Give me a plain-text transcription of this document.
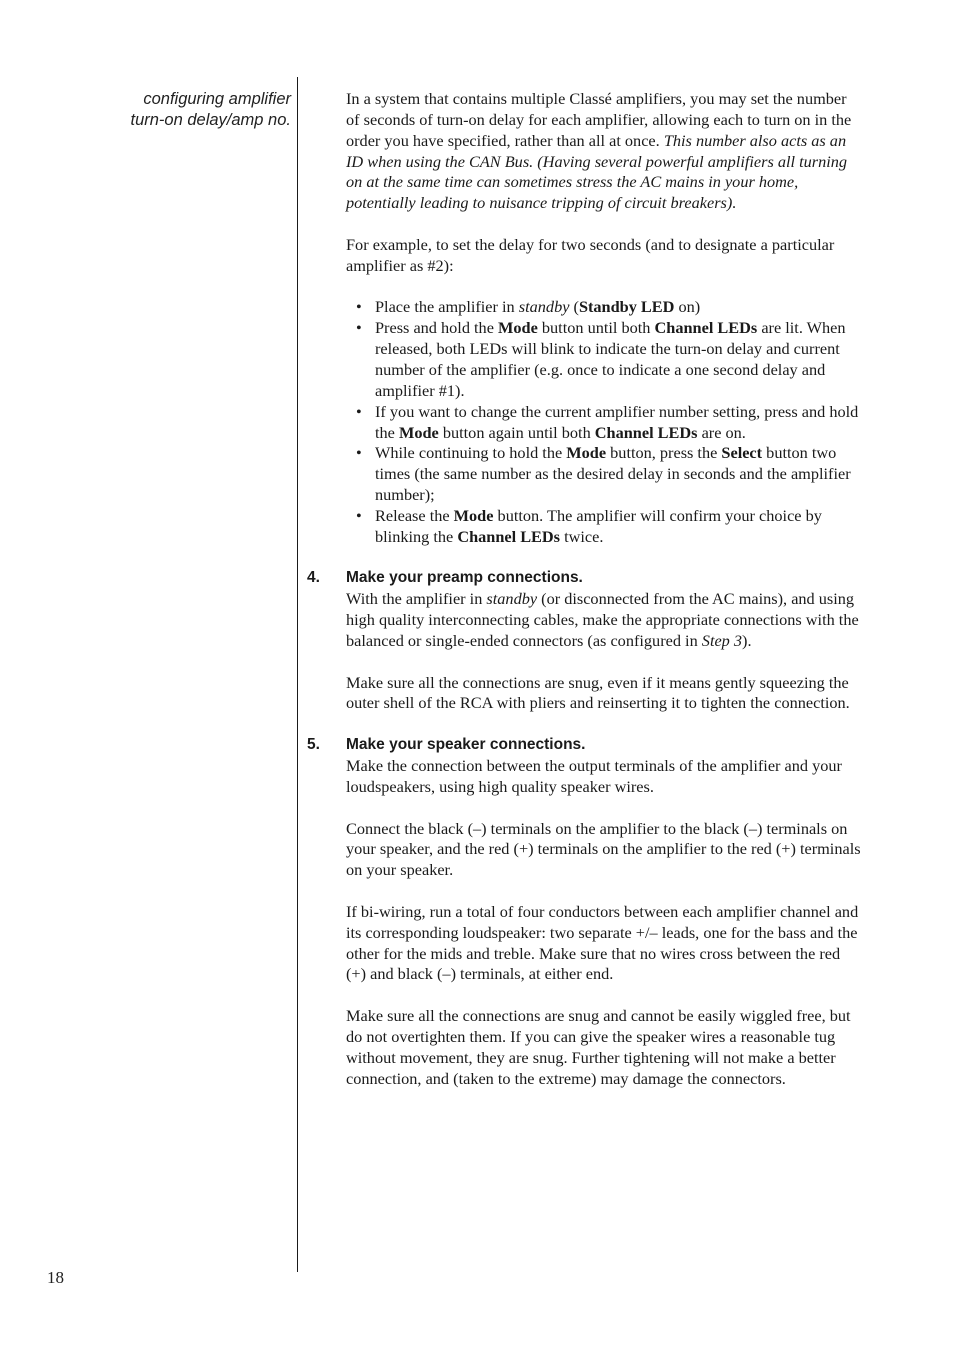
configuring amplifier
turn-on delay/amp no.

In a system that contains multiple Classé amplifiers, you may set the number of seconds of turn-on delay for each amplifier, allowing each to turn on in the order you have specified, rather than all at once. This number also acts as an ID when using the CAN Bus. (Having several powerful amplifiers all turning on at the same time can sometimes stress the AC mains in your home, potentially leading to nuisance tripping of circuit breakers).

For example, to set the delay for two seconds (and to designate a particular amplifier as #2):

• Place the amplifier in standby (Standby LED on)
• Press and hold the Mode button until both Channel LEDs are lit. When released, both LEDs will blink to indicate the turn-on delay and current number of the amplifier (e.g. once to indicate a one second delay and amplifier #1).
• If you want to change the current amplifier number setting, press and hold the Mode button again until both Channel LEDs are on.
• While continuing to hold the Mode button, press the Select button two times (the same number as the desired delay in seconds and the amplifier number);
• Release the Mode button. The amplifier will confirm your choice by blinking the Channel LEDs twice.
4. Make your preamp connections.

With the amplifier in standby (or disconnected from the AC mains), and using high quality interconnecting cables, make the appropriate connections with the balanced or single-ended connectors (as configured in Step 3).

Make sure all the connections are snug, even if it means gently squeezing the outer shell of the RCA with pliers and reinserting it to tighten the connection.

5. Make your speaker connections.

Make the connection between the output terminals of the amplifier and your loudspeakers, using high quality speaker wires.

Connect the black (–) terminals on the amplifier to the black (–) terminals on your speaker, and the red (+) terminals on the amplifier to the red (+) terminals on your speaker.

If bi-wiring, run a total of four conductors between each amplifier channel and its corresponding loudspeaker: two separate +/– leads, one for the bass and the other for the mids and treble. Make sure that no wires cross between the red (+) and black (–) terminals, at either end.

Make sure all the connections are snug and cannot be easily wiggled free, but do not overtighten them. If you can give the speaker wires a reasonable tug without movement, they are snug. Further tightening will not make a better connection, and (taken to the extreme) may damage the connectors.

18
